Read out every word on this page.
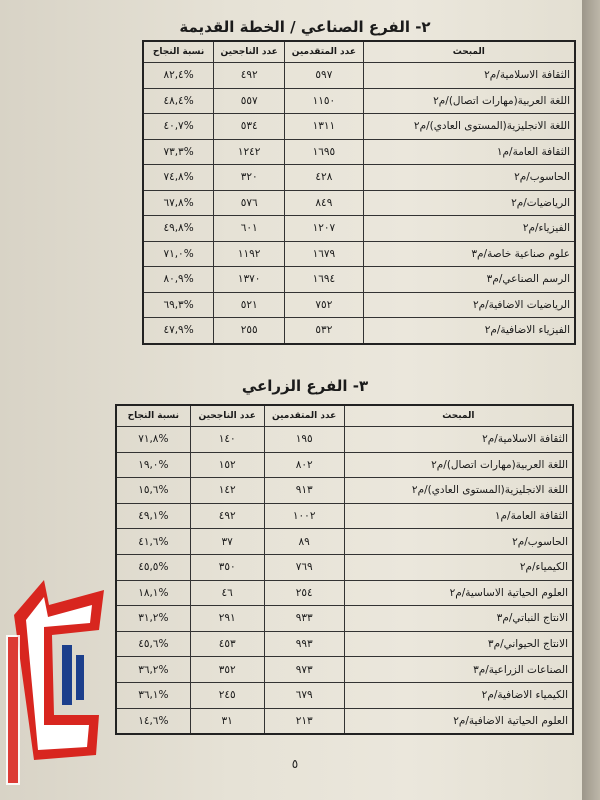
٢- الفرع الصناعي / الخطة القديمة
المبحث	عدد المتقدمين	عدد الناجحين	نسبة النجاح
الثقافة الاسلامية/م٢	٥٩٧	٤٩٢	%٨٢,٤
اللغة العربية(مهارات اتصال)/م٢	١١٥٠	٥٥٧	%٤٨,٤
اللغة الانجليزية(المستوى العادي)/م٢	١٣١١	٥٣٤	%٤٠,٧
الثقافة العامة/م١	١٦٩٥	١٢٤٢	%٧٣,٣
الحاسوب/م٢	٤٢٨	٣٢٠	%٧٤,٨
الرياضيات/م٢	٨٤٩	٥٧٦	%٦٧,٨
الفيزياء/م٢	١٢٠٧	٦٠١	%٤٩,٨
علوم صناعية خاصة/م٣	١٦٧٩	١١٩٢	%٧١,٠
الرسم الصناعي/م٣	١٦٩٤	١٣٧٠	%٨٠,٩
الرياضيات الاضافية/م٢	٧٥٢	٥٢١	%٦٩,٣
الفيزياء الاضافية/م٢	٥٣٢	٢٥٥	%٤٧,٩
٣- الفرع الزراعي
المبحث	عدد المتقدمين	عدد الناجحين	نسبة النجاح
الثقافة الاسلامية/م٢	١٩٥	١٤٠	%٧١,٨
اللغة العربية(مهارات اتصال)/م٢	٨٠٢	١٥٢	%١٩,٠
اللغة الانجليزية(المستوى العادي)/م٢	٩١٣	١٤٢	%١٥,٦
الثقافة العامة/م١	١٠٠٢	٤٩٢	%٤٩,١
الحاسوب/م٢	٨٩	٣٧	%٤١,٦
الكيمياء/م٢	٧٦٩	٣٥٠	%٤٥,٥
العلوم الحياتية الاساسية/م٢	٢٥٤	٤٦	%١٨,١
الانتاج النباتي/م٣	٩٣٣	٢٩١	%٣١,٢
الانتاج الحيواني/م٣	٩٩٣	٤٥٣	%٤٥,٦
الصناعات الزراعية/م٣	٩٧٣	٣٥٢	%٣٦,٢
الكيمياء الاضافية/م٢	٦٧٩	٢٤٥	%٣٦,١
العلوم الحياتية الاضافية/م٢	٢١٣	٣١	%١٤,٦
٥
